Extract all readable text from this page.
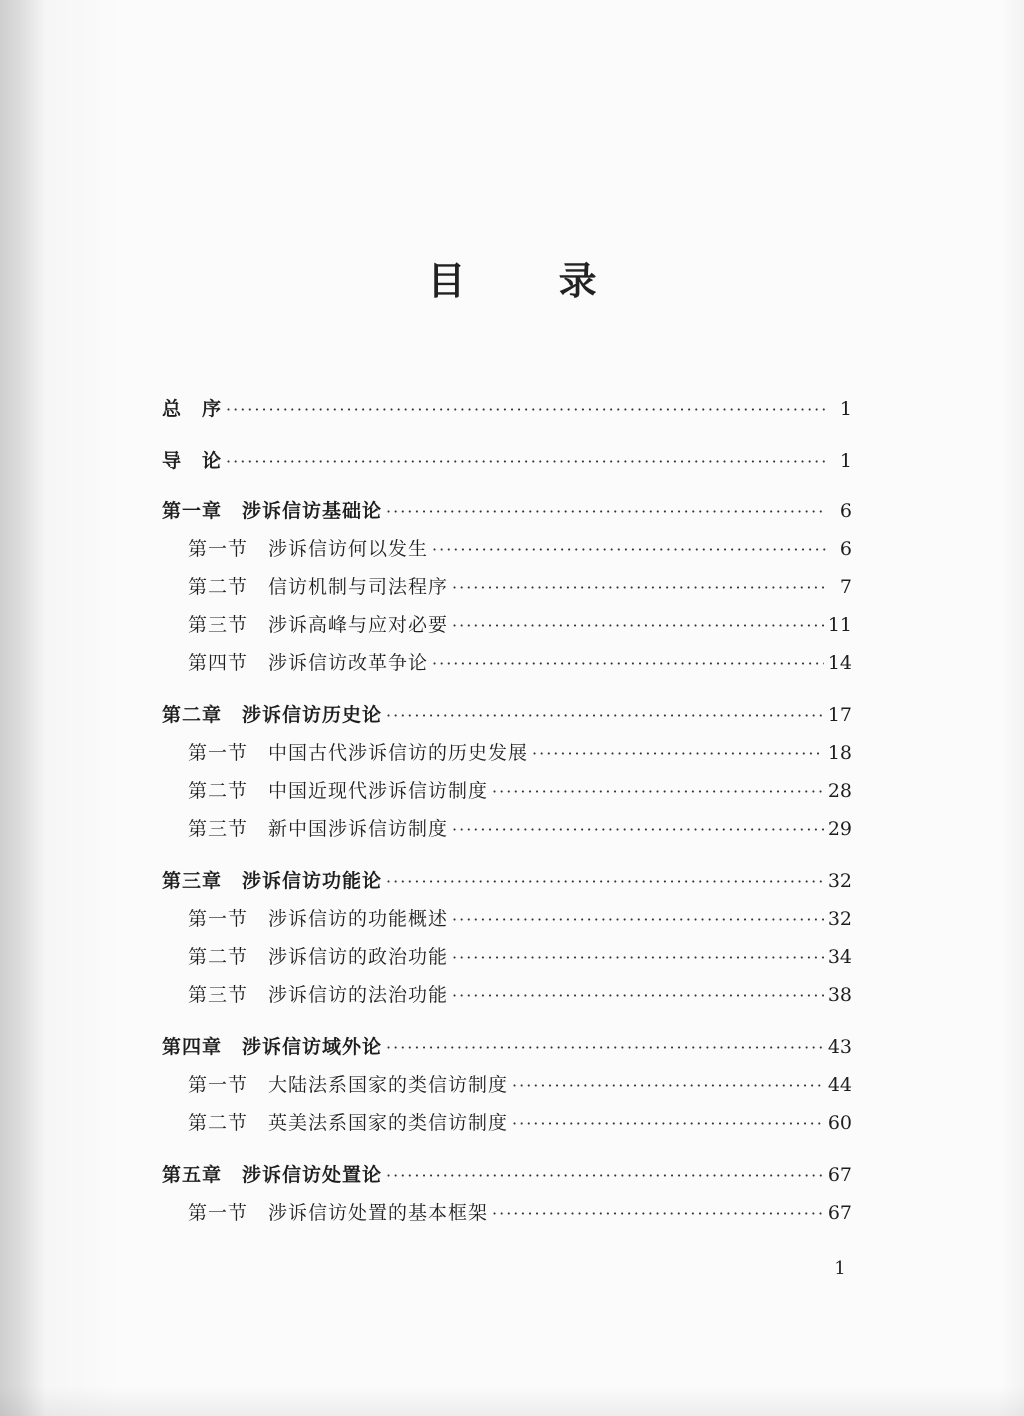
目 录
总　序 ·····	1
导　论 ·····	1
第一章　涉诉信访基础论 ·····	6
第一节　涉诉信访何以发生 ·····	6
第二节　信访机制与司法程序 ·····	7
第三节　涉诉高峰与应对必要 ·····	11
第四节　涉诉信访改革争论 ·····	14
第二章　涉诉信访历史论 ·····	17
第一节　中国古代涉诉信访的历史发展 ·····	18
第二节　中国近现代涉诉信访制度 ·····	28
第三节　新中国涉诉信访制度 ·····	29
第三章　涉诉信访功能论 ·····	32
第一节　涉诉信访的功能概述 ·····	32
第二节　涉诉信访的政治功能 ·····	34
第三节　涉诉信访的法治功能 ·····	38
第四章　涉诉信访域外论 ·····	43
第一节　大陆法系国家的类信访制度 ·····	44
第二节　英美法系国家的类信访制度 ·····	60
第五章　涉诉信访处置论 ·····	67
第一节　涉诉信访处置的基本框架 ·····	67
1
